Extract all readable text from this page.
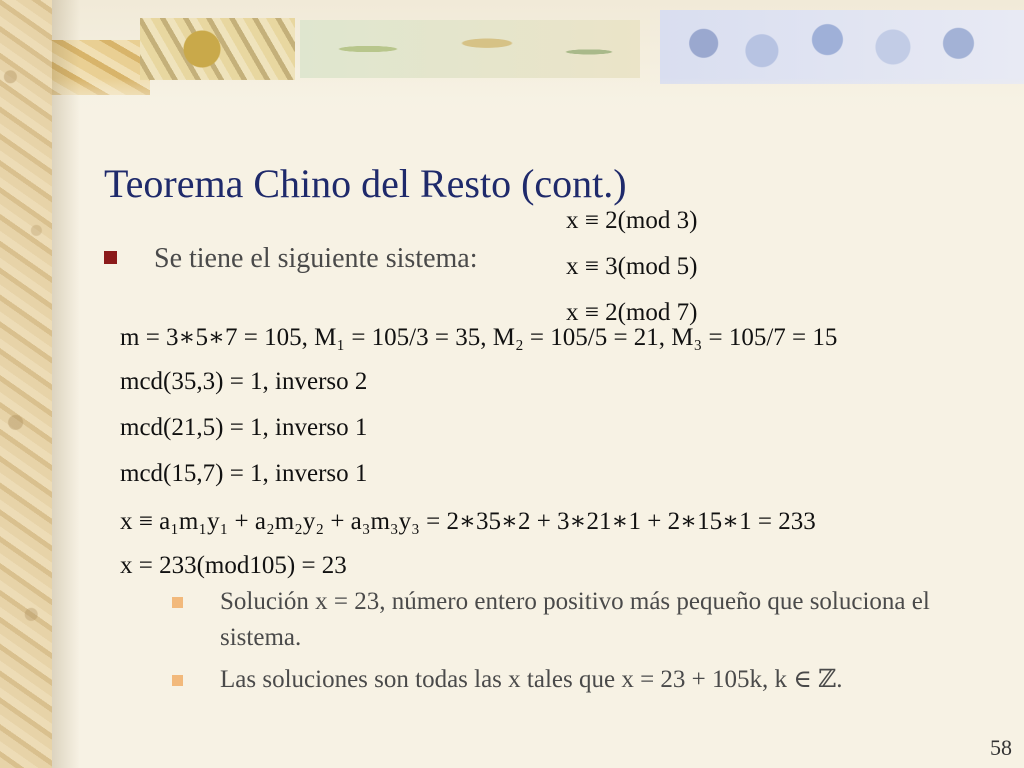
Teorema Chino del Resto (cont.)
Se tiene el siguiente sistema:
x ≡ 2(mod 3)
x ≡ 3(mod 5)
x ≡ 2(mod 7)
m = 3∗5∗7 = 105, M₁ = 105/3 = 35, M₂ = 105/5 = 21, M₃ = 105/7 = 15
mcd(35,3) = 1, inverso 2
mcd(21,5) = 1, inverso 1
mcd(15,7) = 1, inverso 1
x ≡ a₁m₁y₁ + a₂m₂y₂ + a₃m₃y₃ = 2∗35∗2 + 3∗21∗1 + 2∗15∗1 = 233
x = 233(mod105) = 23
Solución x = 23, número entero positivo más pequeño que soluciona el sistema.
Las soluciones son todas las x tales que x = 23 + 105k, k ∈ ℤ.
58
